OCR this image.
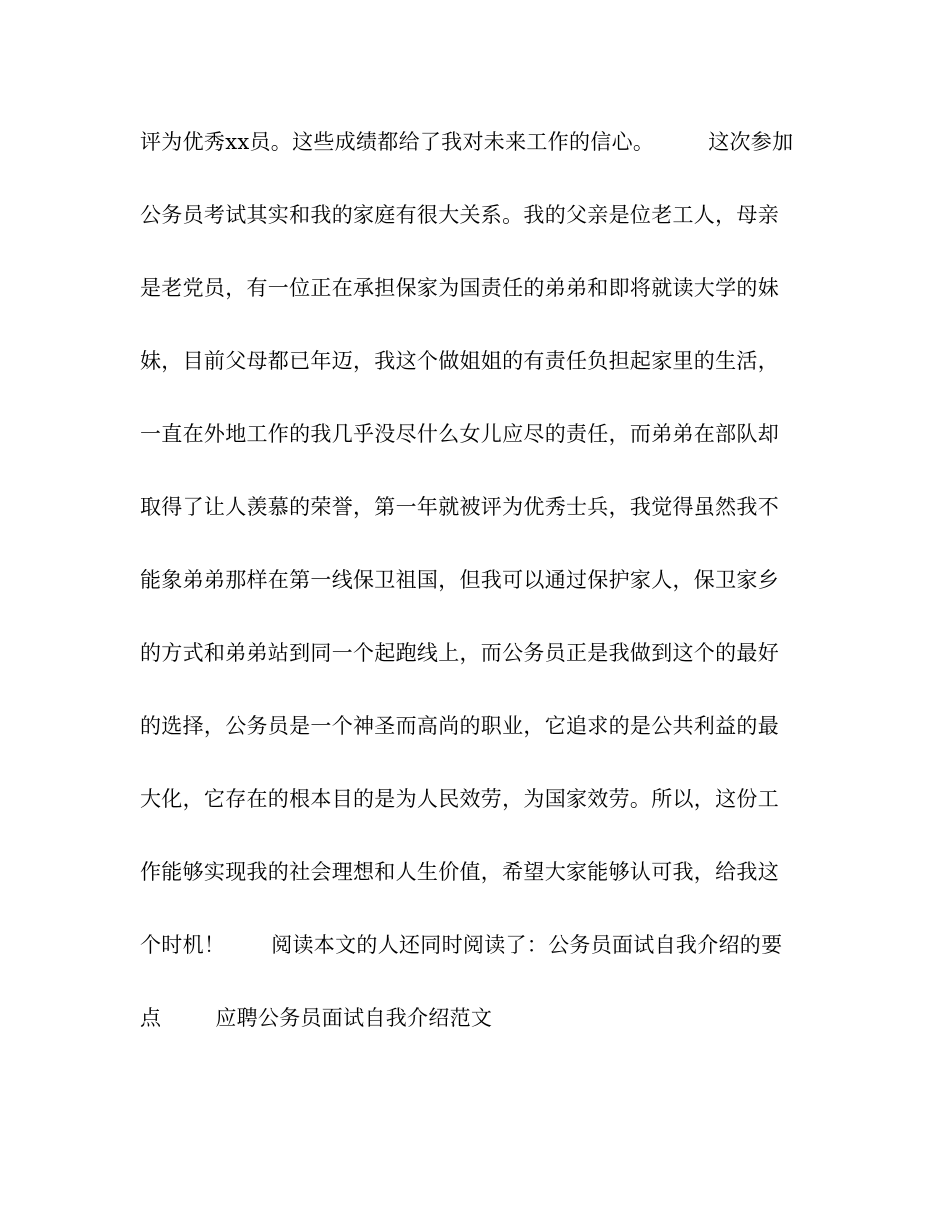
评为优秀xx员。这些成绩都给了我对未来工作的信心。	这次参加
公务员考试其实和我的家庭有很大关系。我的父亲是位老工人，母亲
是老党员，有一位正在承担保家为国责任的弟弟和即将就读大学的妹
妹，目前父母都已年迈，我这个做姐姐的有责任负担起家里的生活，
一直在外地工作的我几乎没尽什么女儿应尽的责任，而弟弟在部队却
取得了让人羡慕的荣誉，第一年就被评为优秀士兵，我觉得虽然我不
能象弟弟那样在第一线保卫祖国，但我可以通过保护家人，保卫家乡
的方式和弟弟站到同一个起跑线上，而公务员正是我做到这个的最好
的选择，公务员是一个神圣而高尚的职业，它追求的是公共利益的最
大化，它存在的根本目的是为人民效劳，为国家效劳。所以，这份工
作能够实现我的社会理想和人生价值，希望大家能够认可我，给我这
个时机！ 阅读本文的人还同时阅读了：公务员面试自我介绍的要
点	应聘公务员面试自我介绍范文
